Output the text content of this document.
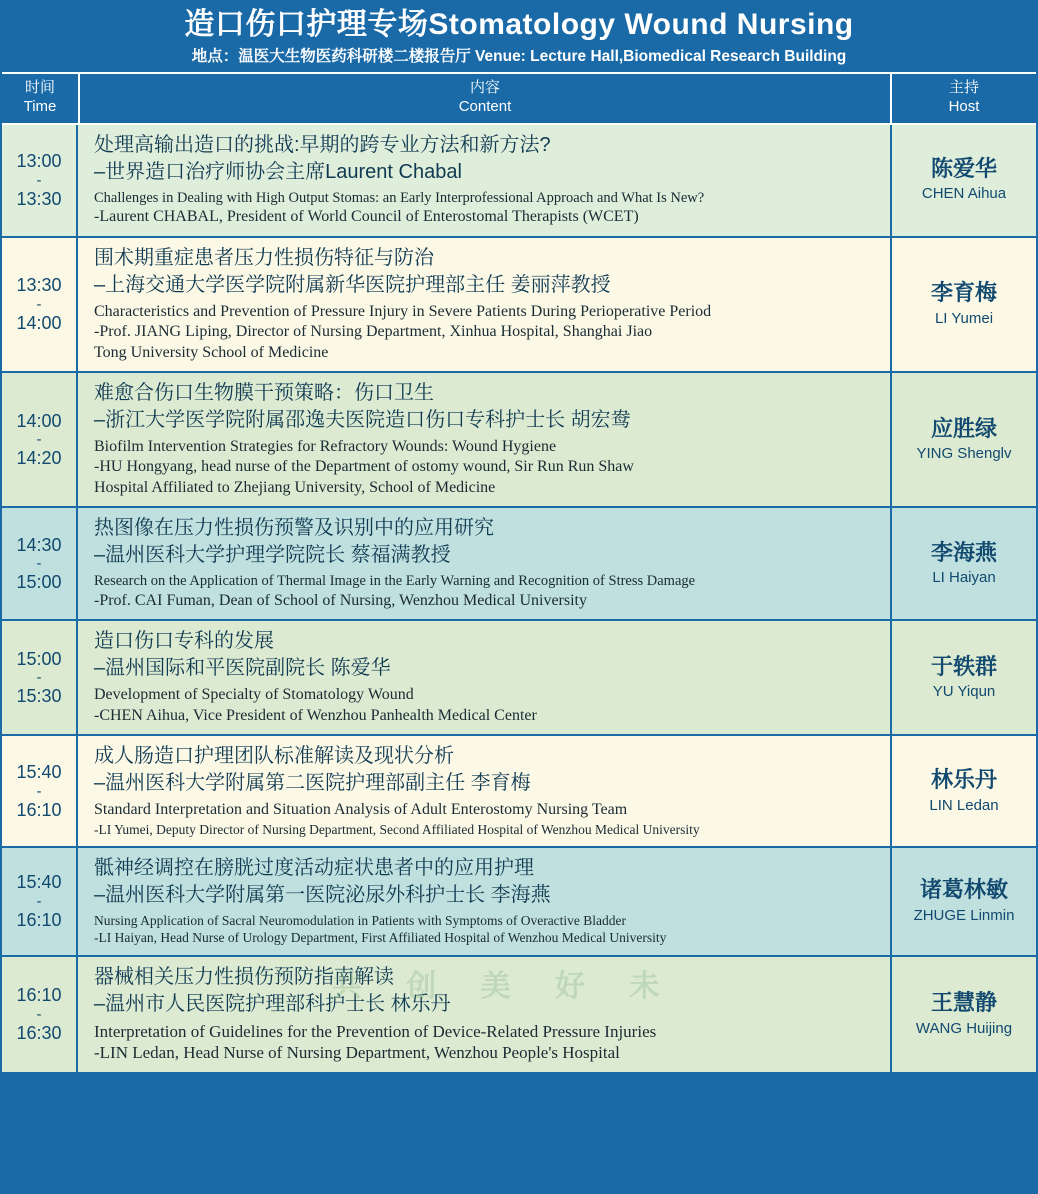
造口伤口护理专场Stomatology Wound Nursing
地点：温医大生物医药科研楼二楼报告厅 Venue: Lecture Hall,Biomedical Research Building
时间
Time
内容
Content
主持
Host
13:00
-
13:30
处理高输出造口的挑战:早期的跨专业方法和新方法?
–世界造口治疗师协会主席Laurent Chabal
Challenges in Dealing with High Output Stomas: an Early Interprofessional Approach and What Is New?
-Laurent CHABAL, President of World Council of Enterostomal Therapists (WCET)
陈爱华
CHEN Aihua
13:30
-
14:00
围术期重症患者压力性损伤特征与防治
–上海交通大学医学院附属新华医院护理部主任 姜丽萍教授
Characteristics and Prevention of Pressure Injury in Severe Patients During Perioperative Period
-Prof. JIANG Liping, Director of Nursing Department, Xinhua Hospital, Shanghai Jiao
Tong University School of Medicine
李育梅
LI Yumei
14:00
-
14:20
难愈合伤口生物膜干预策略：伤口卫生
–浙江大学医学院附属邵逸夫医院造口伤口专科护士长 胡宏鸯
Biofilm Intervention Strategies for Refractory Wounds: Wound Hygiene
-HU Hongyang, head nurse of the Department of ostomy wound, Sir Run Run Shaw
Hospital Affiliated to Zhejiang University, School of Medicine
应胜绿
YING Shenglv
14:30
-
15:00
热图像在压力性损伤预警及识别中的应用研究
–温州医科大学护理学院院长 蔡福满教授
Research on the Application of Thermal Image in the Early Warning and Recognition of Stress Damage
-Prof. CAI Fuman, Dean of School of Nursing, Wenzhou Medical University
李海燕
LI Haiyan
15:00
-
15:30
造口伤口专科的发展
–温州国际和平医院副院长 陈爱华
Development of Specialty of Stomatology Wound
-CHEN Aihua, Vice President of Wenzhou Panhealth Medical Center
于轶群
YU Yiqun
15:40
-
16:10
成人肠造口护理团队标准解读及现状分析
–温州医科大学附属第二医院护理部副主任 李育梅
Standard Interpretation and Situation Analysis of Adult Enterostomy Nursing Team
-LI Yumei, Deputy Director of Nursing Department, Second Affiliated Hospital of Wenzhou Medical University
林乐丹
LIN Ledan
15:40
-
16:10
骶神经调控在膀胱过度活动症状患者中的应用护理
–温州医科大学附属第一医院泌尿外科护士长 李海燕
Nursing Application of Sacral Neuromodulation in Patients with Symptoms of Overactive Bladder
-LI Haiyan, Head Nurse of Urology Department, First Affiliated Hospital of Wenzhou Medical University
诸葛林敏
ZHUGE Linmin
16:10
-
16:30
共 创 美 好 未
器械相关压力性损伤预防指南解读
–温州市人民医院护理部科护士长 林乐丹
Interpretation of Guidelines for the Prevention of Device-Related Pressure Injuries
-LIN Ledan, Head Nurse of Nursing Department, Wenzhou People's Hospital
王慧静
WANG Huijing
